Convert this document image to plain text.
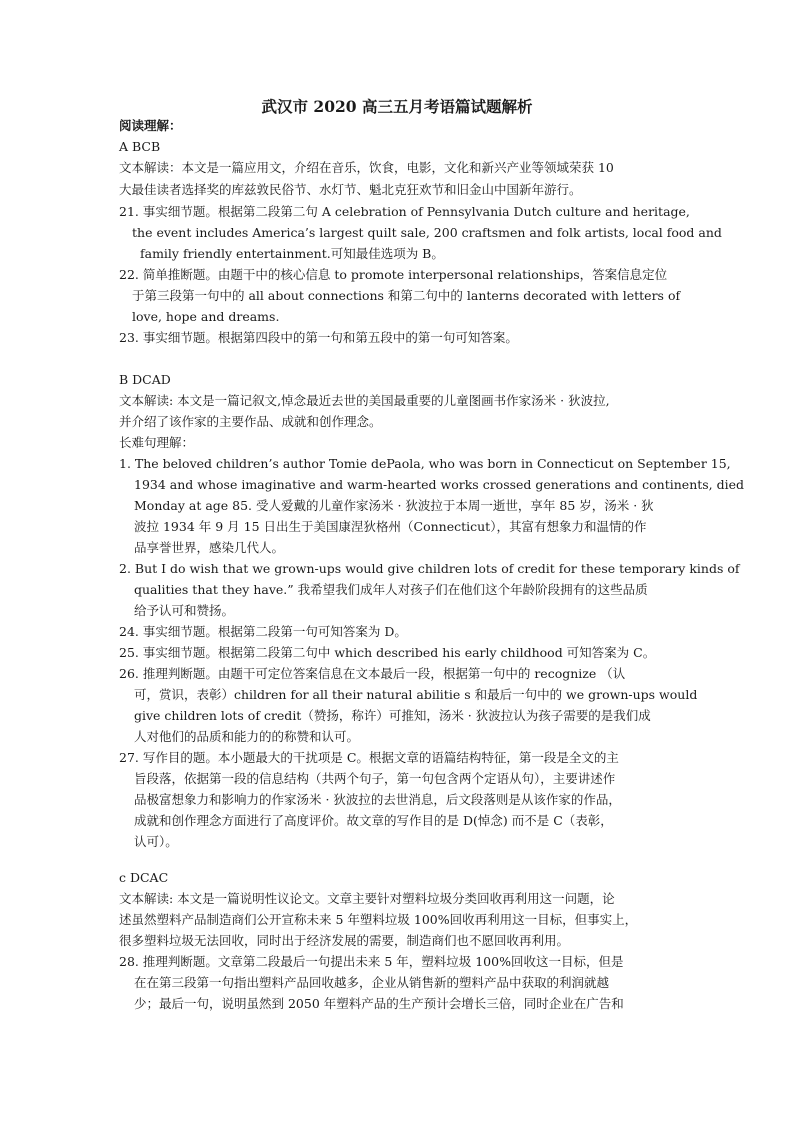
武汉市 2020 高三五月考语篇试题解析
阅读理解：
A BCB
文本解读：本文是一篇应用文，介绍在音乐，饮食，电影，文化和新兴产业等领域荣获 10
大最佳读者选择奖的库兹敦民俗节、水灯节、魁北克狂欢节和旧金山中国新年游行。
21. 事实细节题。根据第二段第二句 A celebration of Pennsylvania Dutch culture and heritage,
the event includes America’s largest quilt sale, 200 craftsmen and folk artists, local food and
family friendly entertainment.可知最佳选项为 B。
22. 简单推断题。由题干中的核心信息 to promote interpersonal relationships，答案信息定位
于第三段第一句中的 all about connections 和第二句中的 lanterns decorated with letters of
love, hope and dreams.
23. 事实细节题。根据第四段中的第一句和第五段中的第一句可知答案。
B DCAD
文本解读: 本文是一篇记叙文,悼念最近去世的美国最重要的儿童图画书作家汤米 · 狄波拉,
并介绍了该作家的主要作品、成就和创作理念。
长难句理解：
1. The beloved children’s author Tomie dePaola, who was born in Connecticut on September 15,
1934 and whose imaginative and warm-hearted works crossed generations and continents, died
Monday at age 85. 受人爱戴的儿童作家汤米 · 狄波拉于本周一逝世，享年 85 岁，汤米 · 狄
波拉 1934 年 9 月 15 日出生于美国康涅狄格州（Connecticut），其富有想象力和温情的作
品享誉世界，感染几代人。
2. But I do wish that we grown-ups would give children lots of credit for these temporary kinds of
qualities that they have.” 我希望我们成年人对孩子们在他们这个年龄阶段拥有的这些品质
给予认可和赞扬。
24. 事实细节题。根据第二段第一句可知答案为 D。
25. 事实细节题。根据第二段第二句中 which described his early childhood 可知答案为 C。
26. 推理判断题。由题干可定位答案信息在文本最后一段，根据第一句中的 recognize （认
可，赏识，表彰）children for all their natural abilitie s 和最后一句中的 we grown-ups would
give children lots of credit（赞扬，称许）可推知，汤米 · 狄波拉认为孩子需要的是我们成
人对他们的品质和能力的的称赞和认可。
27. 写作目的题。本小题最大的干扰项是 C。根据文章的语篇结构特征，第一段是全文的主
旨段落，依据第一段的信息结构（共两个句子，第一句包含两个定语从句），主要讲述作
品极富想象力和影响力的作家汤米 · 狄波拉的去世消息，后文段落则是从该作家的作品，
成就和创作理念方面进行了高度评价。故文章的写作目的是 D(悼念) 而不是 C（表彰，
认可）。
c DCAC
文本解读: 本文是一篇说明性议论文。文章主要针对塑料垃圾分类回收再利用这一问题，论
述虽然塑料产品制造商们公开宣称未来 5 年塑料垃圾 100%回收再利用这一目标，但事实上，
很多塑料垃圾无法回收，同时出于经济发展的需要，制造商们也不愿回收再利用。
28. 推理判断题。文章第二段最后一句提出未来 5 年，塑料垃圾 100%回收这一目标，但是
在在第三段第一句指出塑料产品回收越多，企业从销售新的塑料产品中获取的利润就越
少；最后一句，说明虽然到 2050 年塑料产品的生产预计会增长三倍，同时企业在广告和
